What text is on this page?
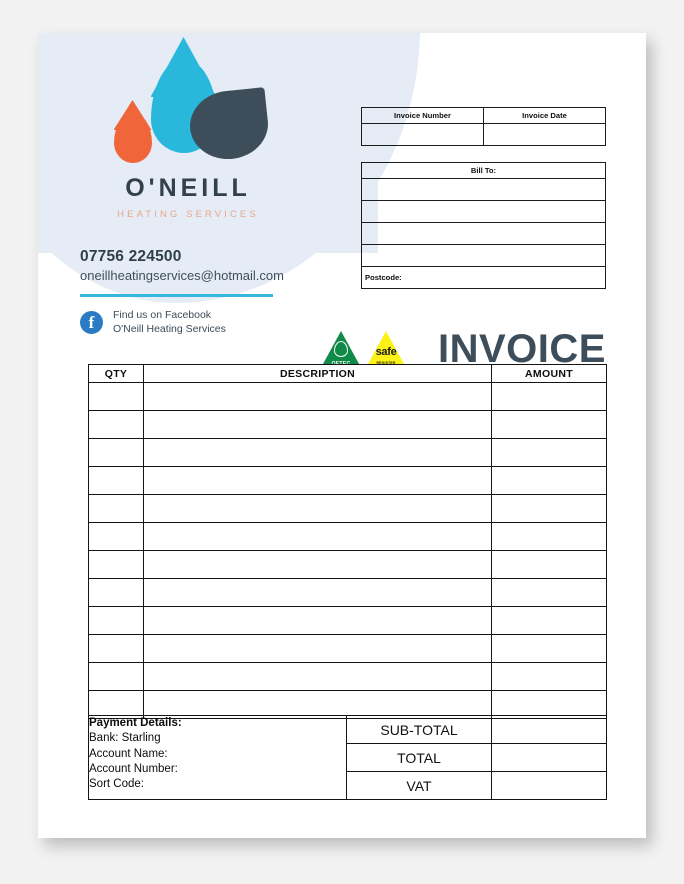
O'NEILL
HEATING SERVICES
07756 224500
oneillheatingservices@hotmail.com
f	Find us on Facebook
O'Neill Heating Services
Invoice Number	Invoice Date

Bill To:

Postcode:
OFTEC
safe
REGISTER INVOICE
QTY	DESCRIPTION	AMOUNT

Payment Details:
Bank: Starling
Account Name:
Account Number:
Sort Code:	SUB-TOTAL	
	TOTAL	
	VAT	
